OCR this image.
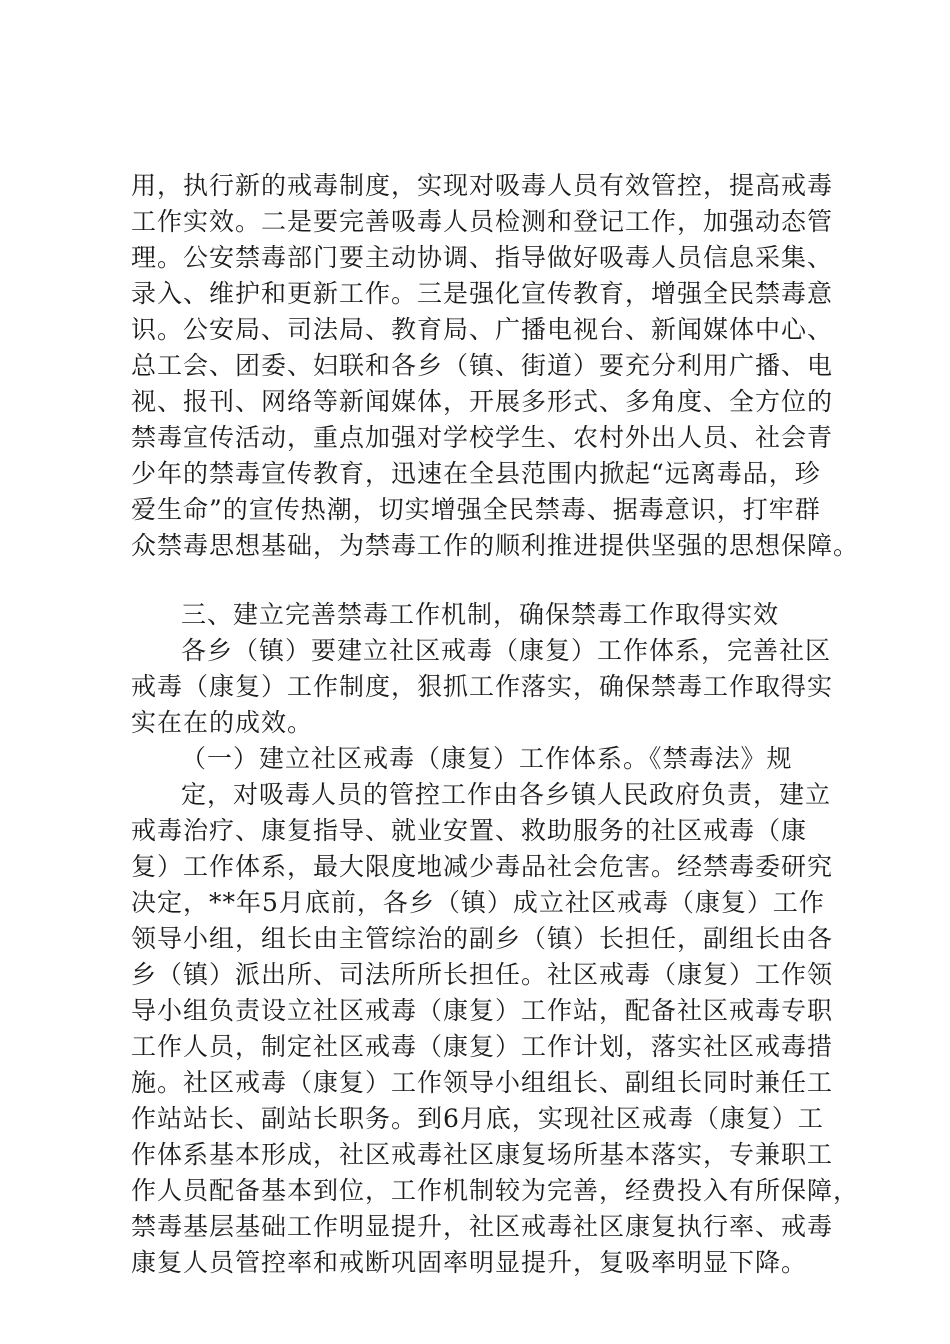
用，执行新的戒毒制度，实现对吸毒人员有效管控，提高戒毒
工作实效。二是要完善吸毒人员检测和登记工作，加强动态管
理。公安禁毒部门要主动协调、指导做好吸毒人员信息采集、
录入、维护和更新工作。三是强化宣传教育，增强全民禁毒意
识。公安局、司法局、教育局、广播电视台、新闻媒体中心、
总工会、团委、妇联和各乡（镇、街道）要充分利用广播、电
视、报刊、网络等新闻媒体，开展多形式、多角度、全方位的
禁毒宣传活动，重点加强对学校学生、农村外出人员、社会青
少年的禁毒宣传教育，迅速在全县范围内掀起“远离毒品，珍
爱生命”的宣传热潮，切实增强全民禁毒、据毒意识，打牢群
众禁毒思想基础，为禁毒工作的顺利推进提供坚强的思想保障。
三、建立完善禁毒工作机制，确保禁毒工作取得实效
各乡（镇）要建立社区戒毒（康复）工作体系，完善社区
戒毒（康复）工作制度，狠抓工作落实，确保禁毒工作取得实
实在在的成效。
（一）建立社区戒毒（康复）工作体系。《禁毒法》规
定，对吸毒人员的管控工作由各乡镇人民政府负责，建立
戒毒治疗、康复指导、就业安置、救助服务的社区戒毒（康
复）工作体系，最大限度地减少毒品社会危害。经禁毒委研究
决定，**年5月底前，各乡（镇）成立社区戒毒（康复）工作
领导小组，组长由主管综治的副乡（镇）长担任，副组长由各
乡（镇）派出所、司法所所长担任。社区戒毒（康复）工作领
导小组负责设立社区戒毒（康复）工作站，配备社区戒毒专职
工作人员，制定社区戒毒（康复）工作计划，落实社区戒毒措
施。社区戒毒（康复）工作领导小组组长、副组长同时兼任工
作站站长、副站长职务。到6月底，实现社区戒毒（康复）工
作体系基本形成，社区戒毒社区康复场所基本落实，专兼职工
作人员配备基本到位，工作机制较为完善，经费投入有所保障，
禁毒基层基础工作明显提升，社区戒毒社区康复执行率、戒毒
康复人员管控率和戒断巩固率明显提升，复吸率明显下降。
